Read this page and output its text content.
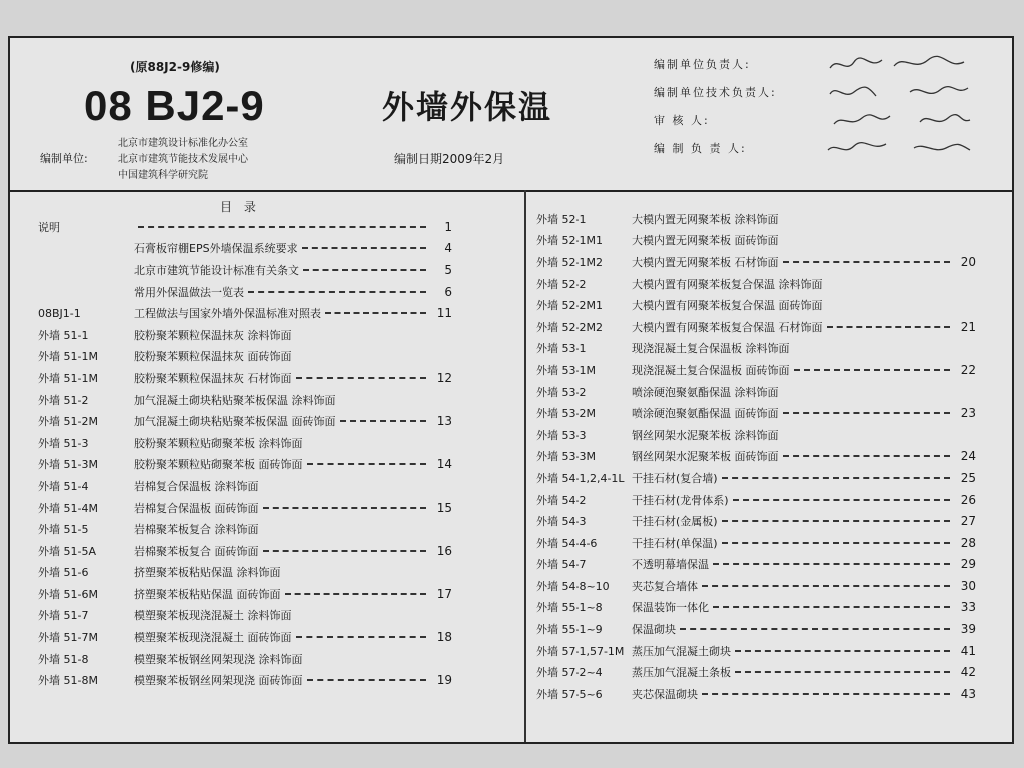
(原88J2-9修编)
08 BJ2-9	外墙外保温
编制单位:
北京市建筑设计标准化办公室
北京市建筑节能技术发展中心
中国建筑科学研究院
编制日期2009年2月
编制单位负责人:
编制单位技术负责人:
审 核 人:
编 制 负 责 人:
目 录
说明	1
石膏板帘棚EPS外墙保温系统要求	4
北京市建筑节能设计标准有关条文	5
常用外保温做法一览表	6
08BJ1-1	工程做法与国家外墙外保温标准对照表	11
外墙 51-1	胶粉聚苯颗粒保温抹灰 涂料饰面
外墙 51-1M	胶粉聚苯颗粒保温抹灰 面砖饰面
外墙 51-1M	胶粉聚苯颗粒保温抹灰 石材饰面	12
外墙 51-2	加气混凝土砌块粘贴聚苯板保温 涂料饰面
外墙 51-2M	加气混凝土砌块粘贴聚苯板保温 面砖饰面	13
外墙 51-3	胶粉聚苯颗粒贴砌聚苯板 涂料饰面
外墙 51-3M	胶粉聚苯颗粒贴砌聚苯板 面砖饰面	14
外墙 51-4	岩棉复合保温板 涂料饰面
外墙 51-4M	岩棉复合保温板 面砖饰面	15
外墙 51-5	岩棉聚苯板复合 涂料饰面
外墙 51-5A	岩棉聚苯板复合 面砖饰面	16
外墙 51-6	挤塑聚苯板粘贴保温 涂料饰面
外墙 51-6M	挤塑聚苯板粘贴保温 面砖饰面	17
外墙 51-7	模塑聚苯板现浇混凝土 涂料饰面
外墙 51-7M	模塑聚苯板现浇混凝土 面砖饰面	18
外墙 51-8	模塑聚苯板钢丝网架现浇 涂料饰面
外墙 51-8M	模塑聚苯板钢丝网架现浇 面砖饰面	19
外墙 52-1	大模内置无网聚苯板 涂料饰面
外墙 52-1M1	大模内置无网聚苯板 面砖饰面
外墙 52-1M2	大模内置无网聚苯板 石材饰面	20
外墙 52-2	大模内置有网聚苯板复合保温 涂料饰面
外墙 52-2M1	大模内置有网聚苯板复合保温 面砖饰面
外墙 52-2M2	大模内置有网聚苯板复合保温 石材饰面	21
外墙 53-1	现浇混凝土复合保温板 涂料饰面
外墙 53-1M	现浇混凝土复合保温板 面砖饰面	22
外墙 53-2	喷涂硬泡聚氨酯保温 涂料饰面
外墙 53-2M	喷涂硬泡聚氨酯保温 面砖饰面	23
外墙 53-3	钢丝网架水泥聚苯板 涂料饰面
外墙 53-3M	钢丝网架水泥聚苯板 面砖饰面	24
外墙 54-1,2,4-1L 干挂石材(复合墙)	25
外墙 54-2	干挂石材(龙骨体系)	26
外墙 54-3	干挂石材(金属板)	27
外墙 54-4-6	干挂石材(单保温)	28
外墙 54-7	不透明幕墙保温	29
外墙 54-8~10	夹芯复合墙体	30
外墙 55-1~8	保温装饰一体化	33
外墙 55-1~9	保温砌块	39
外墙 57-1,57-1M 蒸压加气混凝土砌块	41
外墙 57-2~4	蒸压加气混凝土条板	42
外墙 57-5~6	夹芯保温砌块	43
